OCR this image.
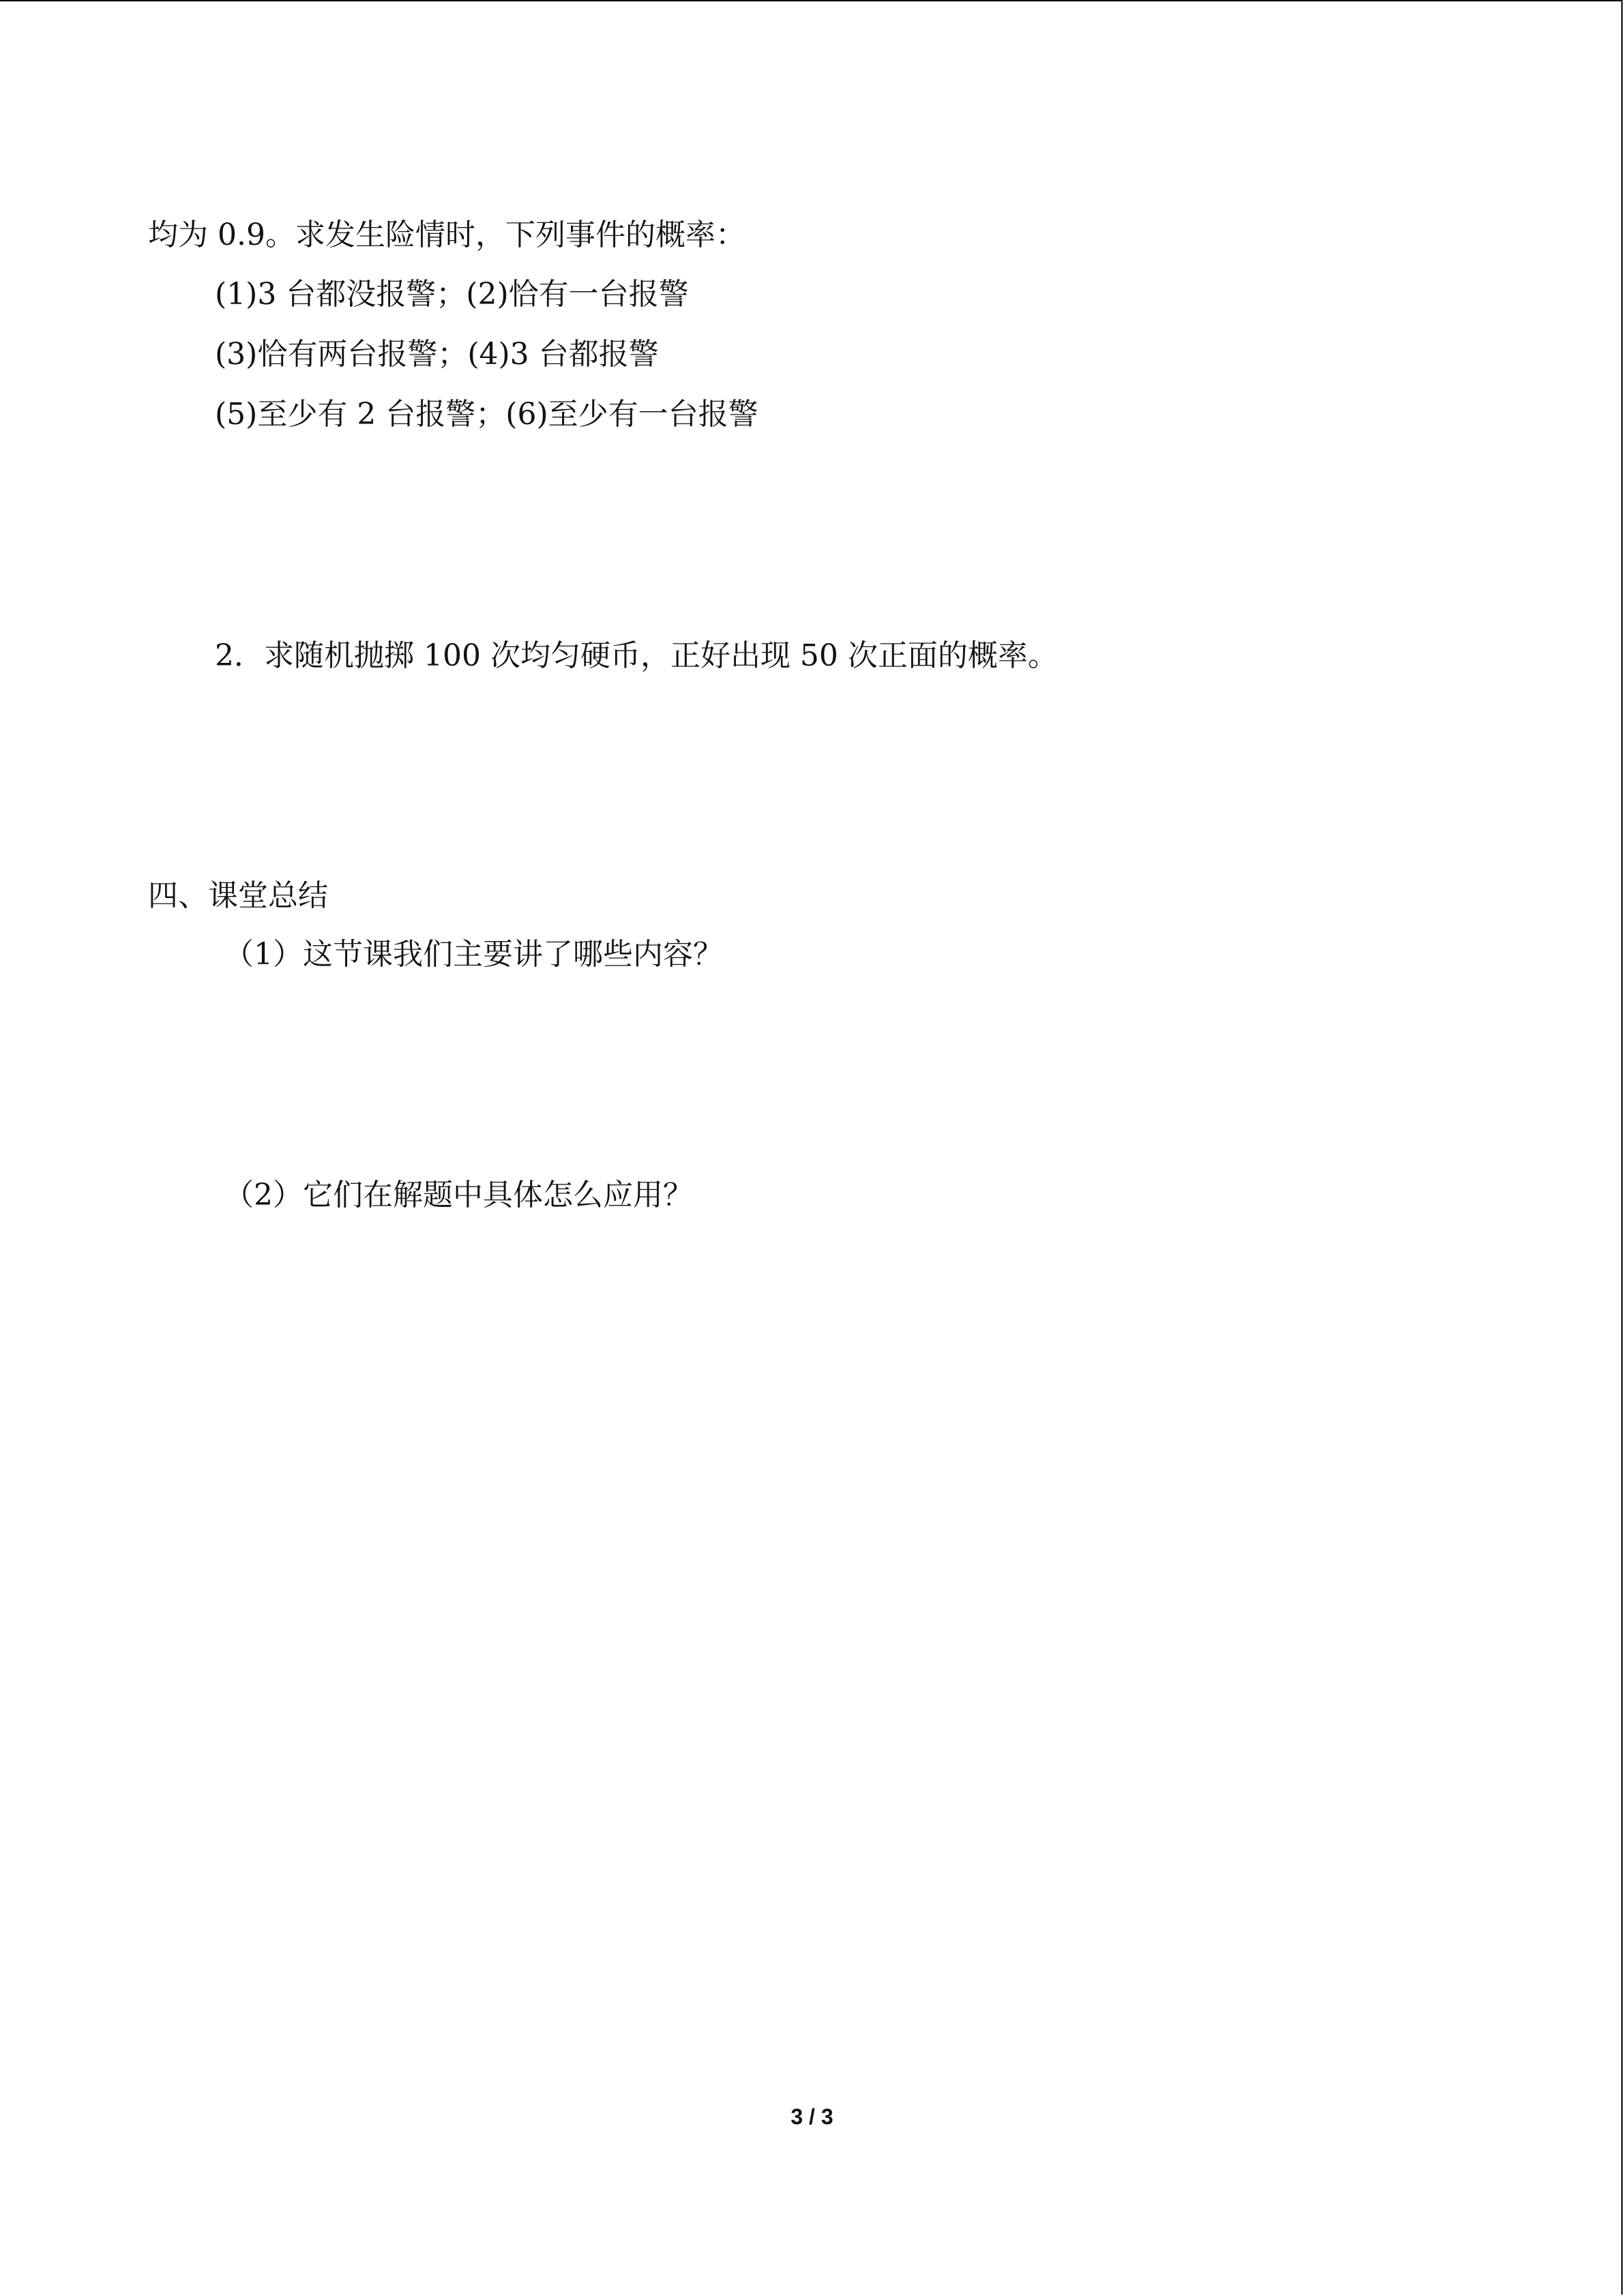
均为 0.9。求发生险情时，下列事件的概率：
(1)3 台都没报警；(2)恰有一台报警
(3)恰有两台报警；(4)3 台都报警
(5)至少有 2 台报警；(6)至少有一台报警
2．求随机抛掷 100 次均匀硬币，正好出现 50 次正面的概率。
四、课堂总结
（1）这节课我们主要讲了哪些内容？
（2）它们在解题中具体怎么应用？
3 / 3
